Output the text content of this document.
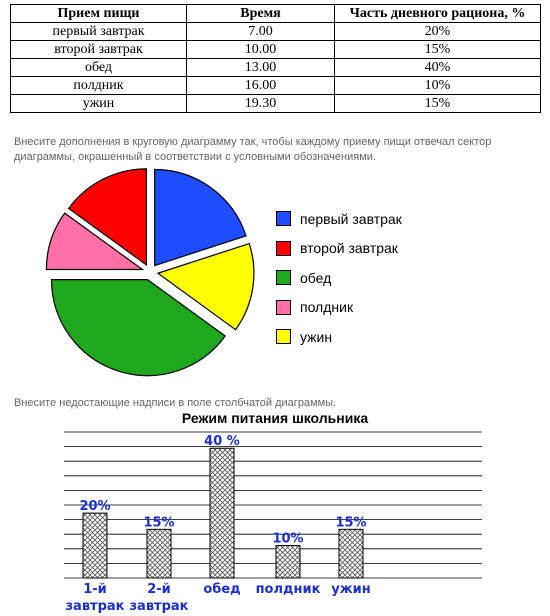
Прием пищи	Время	Часть дневного рациона, %
первый завтрак	7.00	20%
второй завтрак	10.00	15%
обед	13.00	40%
полдник	16.00	10%
ужин	19.30	15%

Внесите дополнения в круговую диаграмму так, чтобы каждому приему пищи отвечал сектор диаграммы, окрашенный в соответствии с условными обозначениями.

первый завтрак
второй завтрак
обед
полдник
ужин

Внесите недостающие надписи в поле столбчатой диаграммы.

Режим питания школьника
20%
1-й
завтрак
15%
2-й
завтрак
40 %
обед
10%
полдник
15%
ужин
